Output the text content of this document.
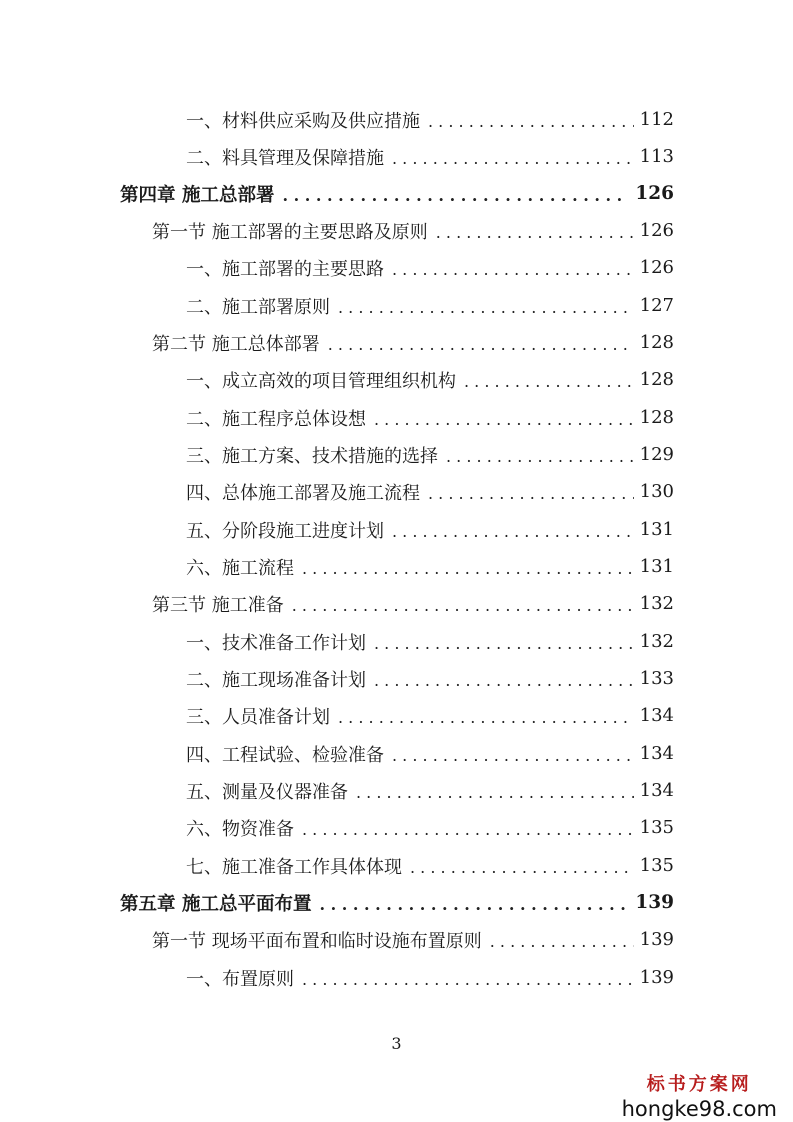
一、材料供应采购及供应措施 . . .	112
二、料具管理及保障措施 . . .	113
第四章 施工总部署 . . .	126
第一节 施工部署的主要思路及原则 . . .	126
一、施工部署的主要思路 . . .	126
二、施工部署原则 . . .	127
第二节 施工总体部署 . . .	128
一、成立高效的项目管理组织机构 . . .	128
二、施工程序总体设想 . . .	128
三、施工方案、技术措施的选择 . . .	129
四、总体施工部署及施工流程 . . .	130
五、分阶段施工进度计划 . . .	131
六、施工流程 . . .	131
第三节 施工准备 . . .	132
一、技术准备工作计划 . . .	132
二、施工现场准备计划 . . .	133
三、人员准备计划 . . .	134
四、工程试验、检验准备 . . .	134
五、测量及仪器准备 . . .	134
六、物资准备 . . .	135
七、施工准备工作具体体现 . . .	135
第五章 施工总平面布置 . . .	139
第一节 现场平面布置和临时设施布置原则 . . .	139
一、布置原则 . . .	139
3
标书方案网
hongke98.com
